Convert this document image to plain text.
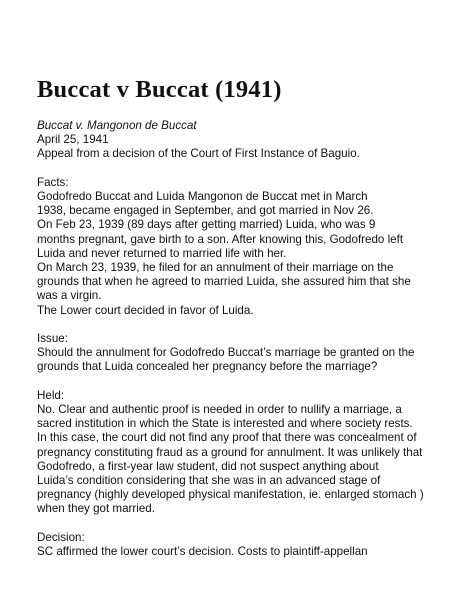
Buccat v Buccat (1941)
Buccat v. Mangonon de Buccat
April 25, 1941
Appeal from a decision of the Court of First Instance of Baguio.
Facts:
Godofredo Buccat and Luida Mangonon de Buccat met in March
1938, became engaged in September, and got married in Nov 26.
On Feb 23, 1939 (89 days after getting married) Luida, who was 9
months pregnant, gave birth to a son. After knowing this, Godofredo left
Luida and never returned to married life with her.
On March 23, 1939, he filed for an annulment of their marriage on the
grounds that when he agreed to married Luida, she assured him that she
was a virgin.
The Lower court decided in favor of Luida.
Issue:
Should the annulment for Godofredo Buccat’s marriage be granted on the
grounds that Luida concealed her pregnancy before the marriage?
Held:
No. Clear and authentic proof is needed in order to nullify a marriage, a
sacred institution in which the State is interested and where society rests.
In this case, the court did not find any proof that there was concealment of
pregnancy constituting fraud as a ground for annulment. It was unlikely that
Godofredo, a first-year law student, did not suspect anything about
Luida’s condition considering that she was in an advanced stage of
pregnancy (highly developed physical manifestation, ie. enlarged stomach )
when they got married.
Decision:
SC affirmed the lower court’s decision. Costs to plaintiff-appellan
